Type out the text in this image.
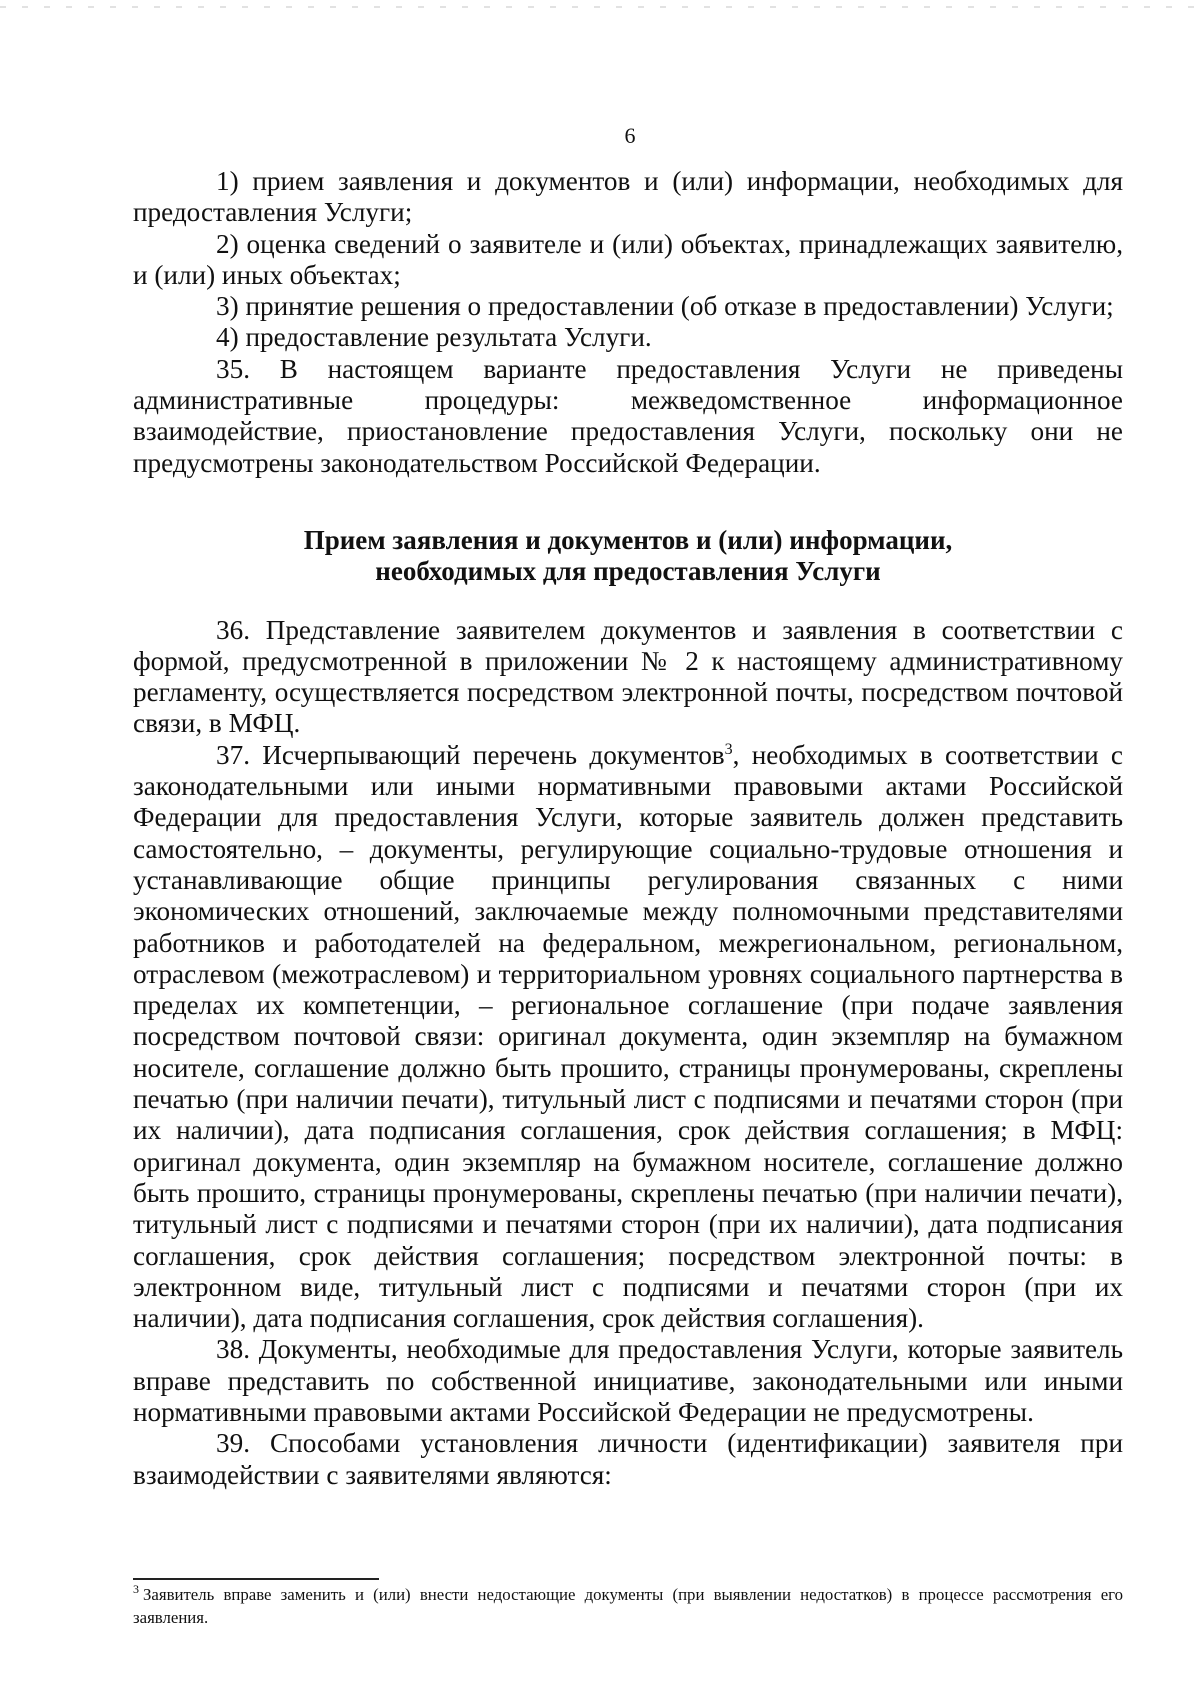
6

1) прием заявления и документов и (или) информации, необходимых для предоставления Услуги;

2) оценка сведений о заявителе и (или) объектах, принадлежащих заявителю, и (или) иных объектах;

3) принятие решения о предоставлении (об отказе в предоставлении) Услуги;

4) предоставление результата Услуги.

35. В настоящем варианте предоставления Услуги не приведены административные процедуры: межведомственное информационное взаимодействие, приостановление предоставления Услуги, поскольку они не предусмотрены законодательством Российской Федерации.

Прием заявления и документов и (или) информации, необходимых для предоставления Услуги

36. Представление заявителем документов и заявления в соответствии с формой, предусмотренной в приложении № 2 к настоящему административному регламенту, осуществляется посредством электронной почты, посредством почтовой связи, в МФЦ.

37. Исчерпывающий перечень документов$^3$, необходимых в соответствии с законодательными или иными нормативными правовыми актами Российской Федерации для предоставления Услуги, которые заявитель должен представить самостоятельно, – документы, регулирующие социально-трудовые отношения и устанавливающие общие принципы регулирования связанных с ними экономических отношений, заключаемые между полномочными представителями работников и работодателей на федеральном, межрегиональном, региональном, отраслевом (межотраслевом) и территориальном уровнях социального партнерства в пределах их компетенции, – региональное соглашение (при подаче заявления посредством почтовой связи: оригинал документа, один экземпляр на бумажном носителе, соглашение должно быть прошито, страницы пронумерованы, скреплены печатью (при наличии печати), титульный лист с подписями и печатями сторон (при их наличии), дата подписания соглашения, срок действия соглашения; в МФЦ: оригинал документа, один экземпляр на бумажном носителе, соглашение должно быть прошито, страницы пронумерованы, скреплены печатью (при наличии печати), титульный лист с подписями и печатями сторон (при их наличии), дата подписания соглашения, срок действия соглашения; посредством электронной почты: в электронном виде, титульный лист с подписями и печатями сторон (при их наличии), дата подписания соглашения, срок действия соглашения).

38. Документы, необходимые для предоставления Услуги, которые заявитель вправе представить по собственной инициативе, законодательными или иными нормативными правовыми актами Российской Федерации не предусмотрены.

39. Способами установления личности (идентификации) заявителя при взаимодействии с заявителями являются:

$^3$ Заявитель вправе заменить и (или) внести недостающие документы (при выявлении недостатков) в процессе рассмотрения его заявления.
